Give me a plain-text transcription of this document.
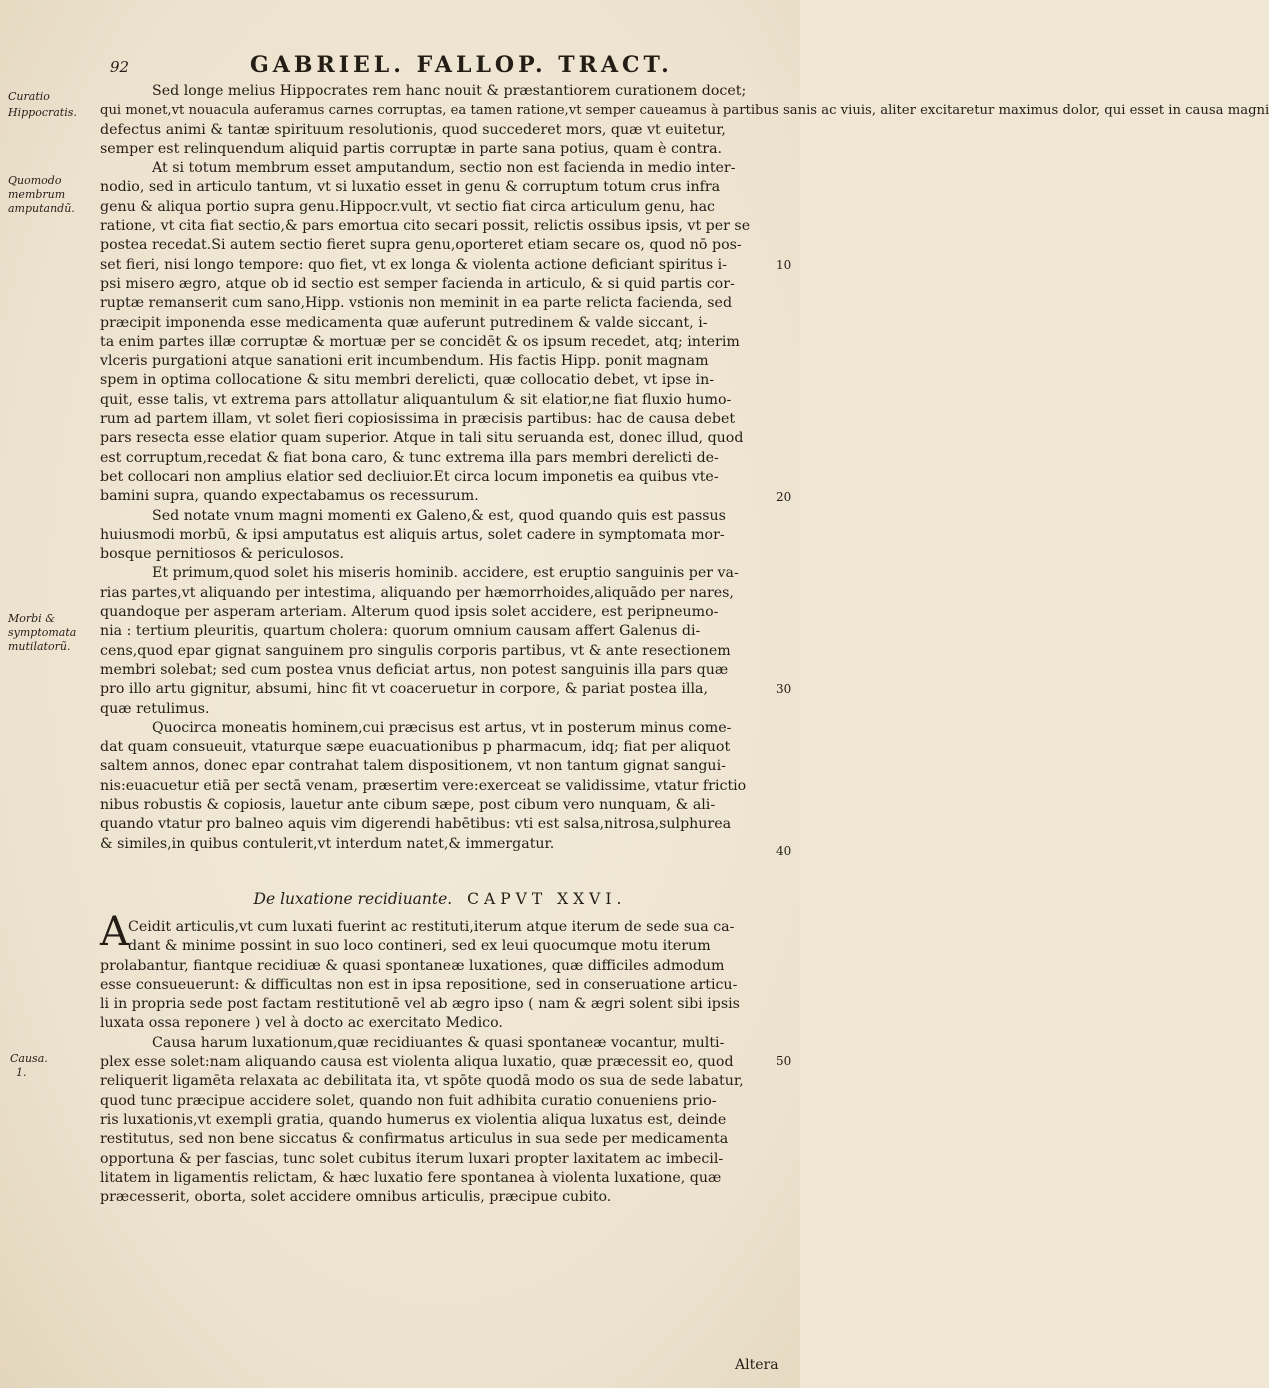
92	GABRIEL. FALLOP. TRACT.
Curatio
Hippocratis.
Quomodo
membrum
amputandũ.
Morbi &
symptomata
mutilatorũ.
Causa.
1.
10
20
30
40
50
Sed longe melius Hippocrates rem hanc nouit & præstantiorem curationem docet;
qui monet,vt nouacula auferamus carnes corruptas, ea tamen ratione,vt semper caueamus à partibus sanis ac viuis, aliter excitaretur maximus dolor, qui esset in causa magni
defectus animi & tantæ spirituum resolutionis, quod succederet mors, quæ vt euitetur,
semper est relinquendum aliquid partis corruptæ in parte sana potius, quam è contra.
At si totum membrum esset amputandum, sectio non est facienda in medio inter-
nodio, sed in articulo tantum, vt si luxatio esset in genu & corruptum totum crus infra
genu & aliqua portio supra genu.Hippocr.vult, vt sectio fiat circa articulum genu, hac
ratione, vt cita fiat sectio,& pars emortua cito secari possit, relictis ossibus ipsis, vt per se
postea recedat.Si autem sectio fieret supra genu,oporteret etiam secare os, quod nō pos-
set fieri, nisi longo tempore: quo fiet, vt ex longa & violenta actione deficiant spiritus i-
psi misero ægro, atque ob id sectio est semper facienda in articulo, & si quid partis cor-
ruptæ remanserit cum sano,Hipp. vstionis non meminit in ea parte relicta facienda, sed
præcipit imponenda esse medicamenta quæ auferunt putredinem & valde siccant, i-
ta enim partes illæ corruptæ & mortuæ per se concidēt & os ipsum recedet, atq; interim
vlceris purgationi atque sanationi erit incumbendum. His factis Hipp. ponit magnam
spem in optima collocatione & situ membri derelicti, quæ collocatio debet, vt ipse in-
quit, esse talis, vt extrema pars attollatur aliquantulum & sit elatior,ne fiat fluxio humo-
rum ad partem illam, vt solet fieri copiosissima in præcisis partibus: hac de causa debet
pars resecta esse elatior quam superior. Atque in tali situ seruanda est, donec illud, quod
est corruptum,recedat & fiat bona caro, & tunc extrema illa pars membri derelicti de-
bet collocari non amplius elatior sed decliuior.Et circa locum imponetis ea quibus vte-
bamini supra, quando expectabamus os recessurum.
Sed notate vnum magni momenti ex Galeno,& est, quod quando quis est passus
huiusmodi morbū, & ipsi amputatus est aliquis artus, solet cadere in symptomata mor-
bosque pernitiosos & periculosos.
Et primum,quod solet his miseris hominib. accidere, est eruptio sanguinis per va-
rias partes,vt aliquando per intestima, aliquando per hæmorrhoides,aliquādo per nares,
quandoque per asperam arteriam. Alterum quod ipsis solet accidere, est peripneumo-
nia : tertium pleuritis, quartum cholera: quorum omnium causam affert Galenus di-
cens,quod epar gignat sanguinem pro singulis corporis partibus, vt & ante resectionem
membri solebat; sed cum postea vnus deficiat artus, non potest sanguinis illa pars quæ
pro illo artu gignitur, absumi, hinc fit vt coaceruetur in corpore, & pariat postea illa,
quæ retulimus.
Quocirca moneatis hominem,cui præcisus est artus, vt in posterum minus come-
dat quam consueuit, vtaturque sæpe euacuationibus p pharmacum, idq; fiat per aliquot
saltem annos, donec epar contrahat talem dispositionem, vt non tantum gignat sangui-
nis:euacuetur etiā per sectā venam, præsertim vere:exerceat se validissime, vtatur frictio
nibus robustis & copiosis, lauetur ante cibum sæpe, post cibum vero nunquam, & ali-
quando vtatur pro balneo aquis vim digerendi habētibus: vti est salsa,nitrosa,sulphurea
& similes,in quibus contulerit,vt interdum natet,& immergatur.
De luxatione recidiuante. CAPVT XXVI.
A Ceidit articulis,vt cum luxati fuerint ac restituti,iterum atque iterum de sede sua ca-
dant & minime possint in suo loco contineri, sed ex leui quocumque motu iterum
prolabantur, fiantque recidiuæ & quasi spontaneæ luxationes, quæ difficiles admodum
esse consueuerunt: & difficultas non est in ipsa repositione, sed in conseruatione articu-
li in propria sede post factam restitutionē vel ab ægro ipso ( nam & ægri solent sibi ipsis
luxata ossa reponere ) vel à docto ac exercitato Medico.
Causa harum luxationum,quæ recidiuantes & quasi spontaneæ vocantur, multi-
plex esse solet:nam aliquando causa est violenta aliqua luxatio, quæ præcessit eo, quod
reliquerit ligamēta relaxata ac debilitata ita, vt spōte quodā modo os sua de sede labatur,
quod tunc præcipue accidere solet, quando non fuit adhibita curatio conueniens prio-
ris luxationis,vt exempli gratia, quando humerus ex violentia aliqua luxatus est, deinde
restitutus, sed non bene siccatus & confirmatus articulus in sua sede per medicamenta
opportuna & per fascias, tunc solet cubitus iterum luxari propter laxitatem ac imbecil-
litatem in ligamentis relictam, & hæc luxatio fere spontanea à violenta luxatione, quæ
præcesserit, oborta, solet accidere omnibus articulis, præcipue cubito.
Altera
